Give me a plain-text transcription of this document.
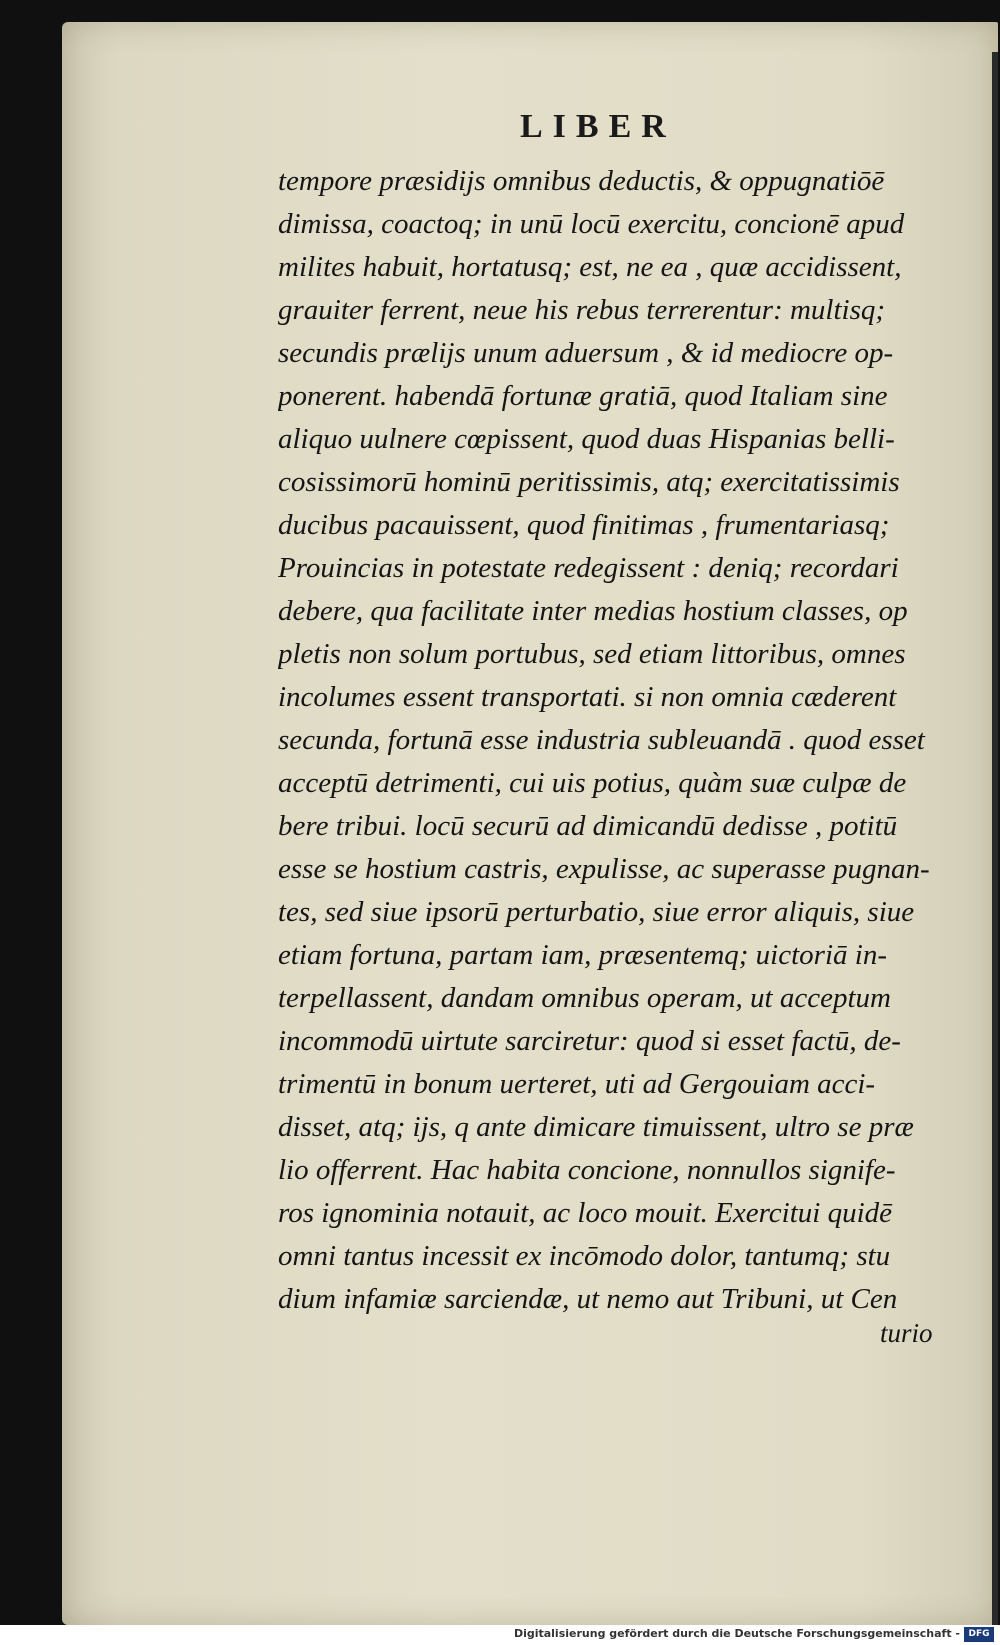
LIBER
tempore præsidijs omnibus deductis, & oppugnatiōē
dimissa, coactoq; in unū locū exercitu, concionē apud
milites habuit, hortatusq; est, ne ea , quæ accidissent,
grauiter ferrent, neue his rebus terrerentur: multisq;
secundis prælijs unum aduersum , & id mediocre op-
ponerent. habendā fortunæ gratiā, quod Italiam sine
aliquo uulnere cœpissent, quod duas Hispanias belli-
cosissimorū hominū peritissimis, atq; exercitatissimis
ducibus pacauissent, quod finitimas , frumentariasq;
Prouincias in potestate redegissent : deniq; recordari
debere, qua facilitate inter medias hostium classes, op
pletis non solum portubus, sed etiam littoribus, omnes
incolumes essent transportati. si non omnia cæderent
secunda, fortunā esse industria subleuandā . quod esset
acceptū detrimenti, cui uis potius, quàm suæ culpæ de
bere tribui. locū securū ad dimicandū dedisse , potitū
esse se hostium castris, expulisse, ac superasse pugnan-
tes, sed siue ipsorū perturbatio, siue error aliquis, siue
etiam fortuna, partam iam, præsentemq; uictoriā in-
terpellassent, dandam omnibus operam, ut acceptum
incommodū uirtute sarciretur: quod si esset factū, de-
trimentū in bonum uerteret, uti ad Gergouiam acci-
disset, atq; ijs, q ante dimicare timuissent, ultro se præ
lio offerrent. Hac habita concione, nonnullos signife-
ros ignominia notauit, ac loco mouit. Exercitui quidē
omni tantus incessit ex incōmodo dolor, tantumq; stu
dium infamiæ sarciendæ, ut nemo aut Tribuni, ut Cen
turio
Digitalisierung gefördert durch die Deutsche Forschungsgemeinschaft - DFG
